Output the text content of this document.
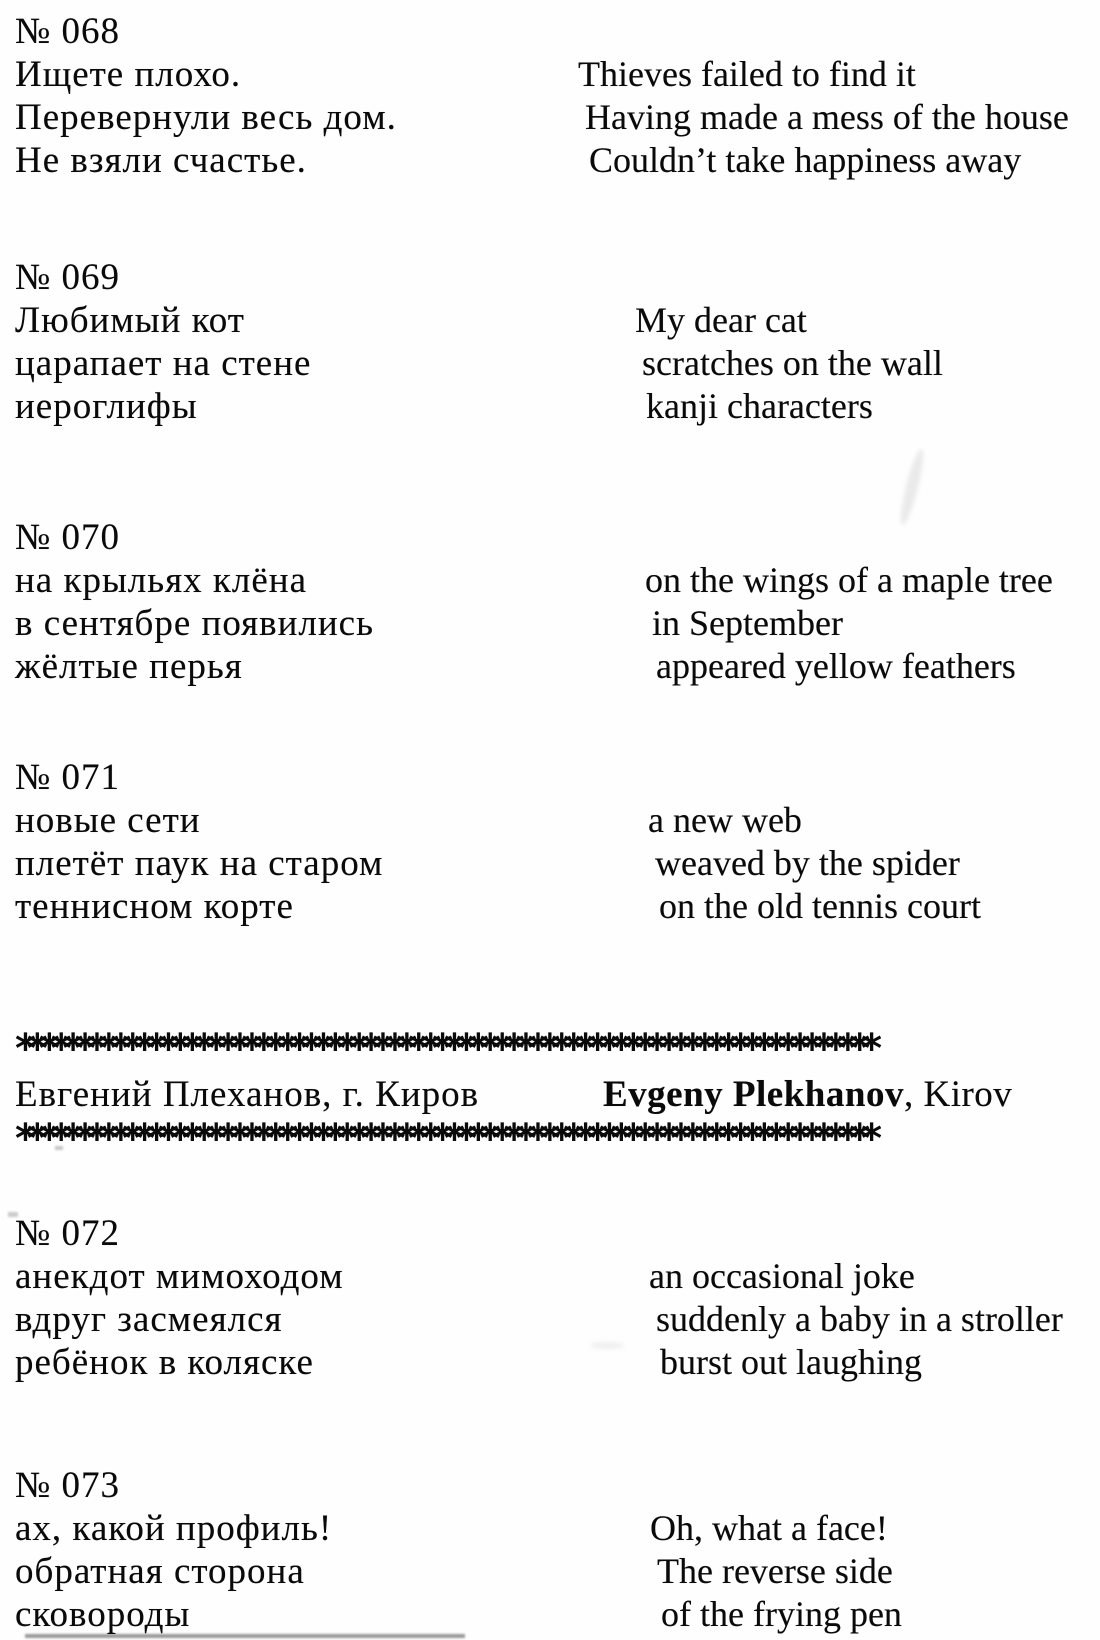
№ 068
Ищете плохо.	Thieves failed to find it
Перевернули весь дом.	Having made a mess of the house
Не взяли счастье.	Couldn’t take happiness away
№ 069
Любимый кот	My dear cat
царапает на стене	scratches on the wall
иероглифы	kanji characters
№ 070
на крыльях клёна	on the wings of a maple tree
в сентябре появились	in September
жёлтые перья	appeared yellow feathers
№ 071
новые сети	a new web
плетёт паук на старом	weaved by the spider
теннисном корте	on the old tennis court
************************************************************************
Евгений Плеханов, г. Киров	Evgeny Plekhanov, Kirov
************************************************************************
№ 072
анекдот мимоходом	an occasional joke
вдруг засмеялся	suddenly a baby in a stroller
ребёнок в коляске	burst out laughing
№ 073
ах, какой профиль!	Oh, what a face!
обратная сторона	The reverse side
сковороды	of the frying pen
